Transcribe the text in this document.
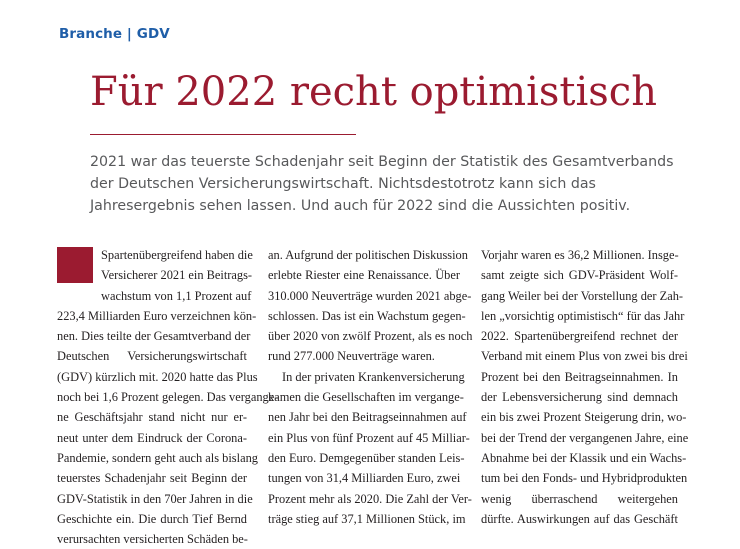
Branche | GDV
Für 2022 recht optimistisch
2021 war das teuerste Schadenjahr seit Beginn der Statistik des Gesamtverbands
der Deutschen Versicherungswirtschaft. Nichtsdestotrotz kann sich das
Jahresergebnis sehen lassen. Und auch für 2022 sind die Aussichten positiv.
Spartenübergreifend haben die
Versicherer 2021 ein Beitrags-
wachstum von 1,1 Prozent auf
223,4 Milliarden Euro verzeichnen kön-
nen. Dies teilte der Gesamtverband der
Deutschen Versicherungswirtschaft
(GDV) kürzlich mit. 2020 hatte das Plus
noch bei 1,6 Prozent gelegen. Das vergange-
ne Geschäftsjahr stand nicht nur er-
neut unter dem Eindruck der Corona-
Pandemie, sondern geht auch als bislang
teuerstes Schadenjahr seit Beginn der
GDV-Statistik in den 70er Jahren in die
Geschichte ein. Die durch Tief Bernd
verursachten versicherten Schäden be-
an. Aufgrund der politischen Diskussion
erlebte Riester eine Renaissance. Über
310.000 Neuverträge wurden 2021 abge-
schlossen. Das ist ein Wachstum gegen-
über 2020 von zwölf Prozent, als es noch
rund 277.000 Neuverträge waren.
In der privaten Krankenversicherung
kamen die Gesellschaften im vergange-
nen Jahr bei den Beitragseinnahmen auf
ein Plus von fünf Prozent auf 45 Milliar-
den Euro. Demgegenüber standen Leis-
tungen von 31,4 Milliarden Euro, zwei
Prozent mehr als 2020. Die Zahl der Ver-
träge stieg auf 37,1 Millionen Stück, im
Vorjahr waren es 36,2 Millionen. Insge-
samt zeigte sich GDV-Präsident Wolf-
gang Weiler bei der Vorstellung der Zah-
len „vorsichtig optimistisch“ für das Jahr
2022. Spartenübergreifend rechnet der
Verband mit einem Plus von zwei bis drei
Prozent bei den Beitragseinnahmen. In
der Lebensversicherung sind demnach
ein bis zwei Prozent Steigerung drin, wo-
bei der Trend der vergangenen Jahre, eine
Abnahme bei der Klassik und ein Wachs-
tum bei den Fonds- und Hybridprodukten
wenig überraschend weitergehen
dürfte. Auswirkungen auf das Geschäft
